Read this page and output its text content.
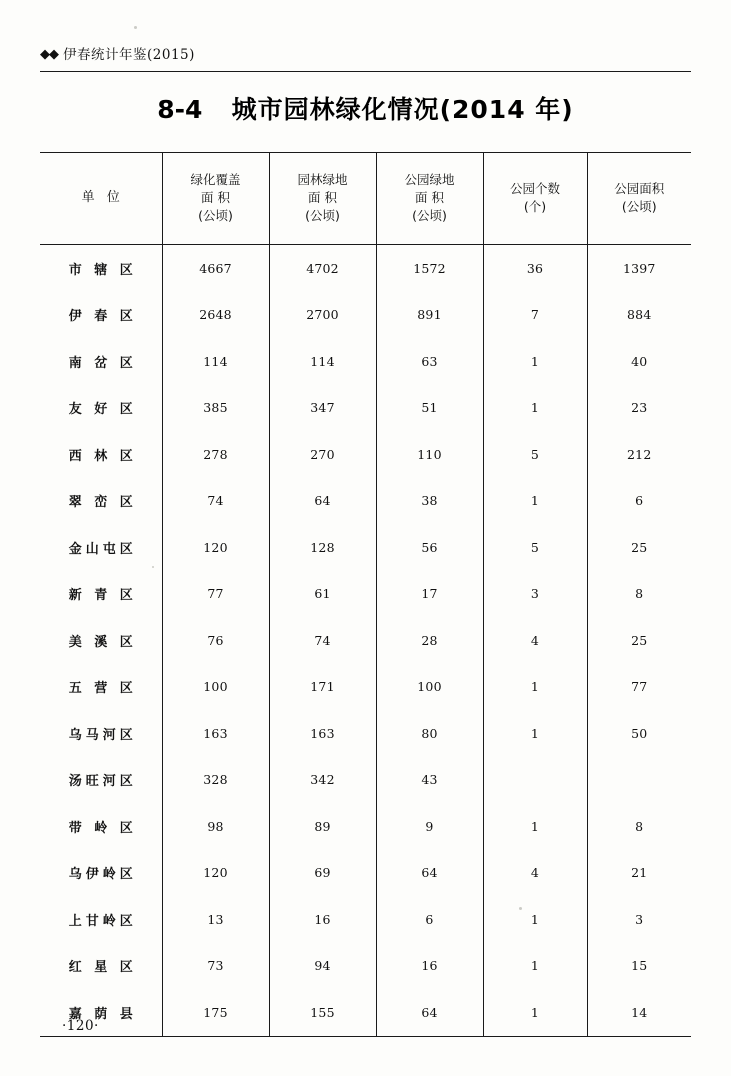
◆◆ 伊春统计年鉴(2015)
8-4 城市园林绿化情况(2014 年)
单 位	绿化覆盖
面 积
(公顷)	园林绿地
面 积
(公顷)	公园绿地
面 积
(公顷)	公园个数
(个)	公园面积
(公顷)

市 辖 区	4667	4702	1572	36	1397
伊 春 区	2648	2700	891	7	884
南 岔 区	114	114	63	1	40
友 好 区	385	347	51	1	23
西 林 区	278	270	110	5	212
翠 峦 区	74	64	38	1	6
金山屯区	120	128	56	5	25
新 青 区	77	61	17	3	8
美 溪 区	76	74	28	4	25
五 营 区	100	171	100	1	77
乌马河区	163	163	80	1	50
汤旺河区	328	342	43		
带 岭 区	98	89	9	1	8
乌伊岭区	120	69	64	4	21
上甘岭区	13	16	6	1	3
红 星 区	73	94	16	1	15
嘉 荫 县	175	155	64	1	14
·120·
